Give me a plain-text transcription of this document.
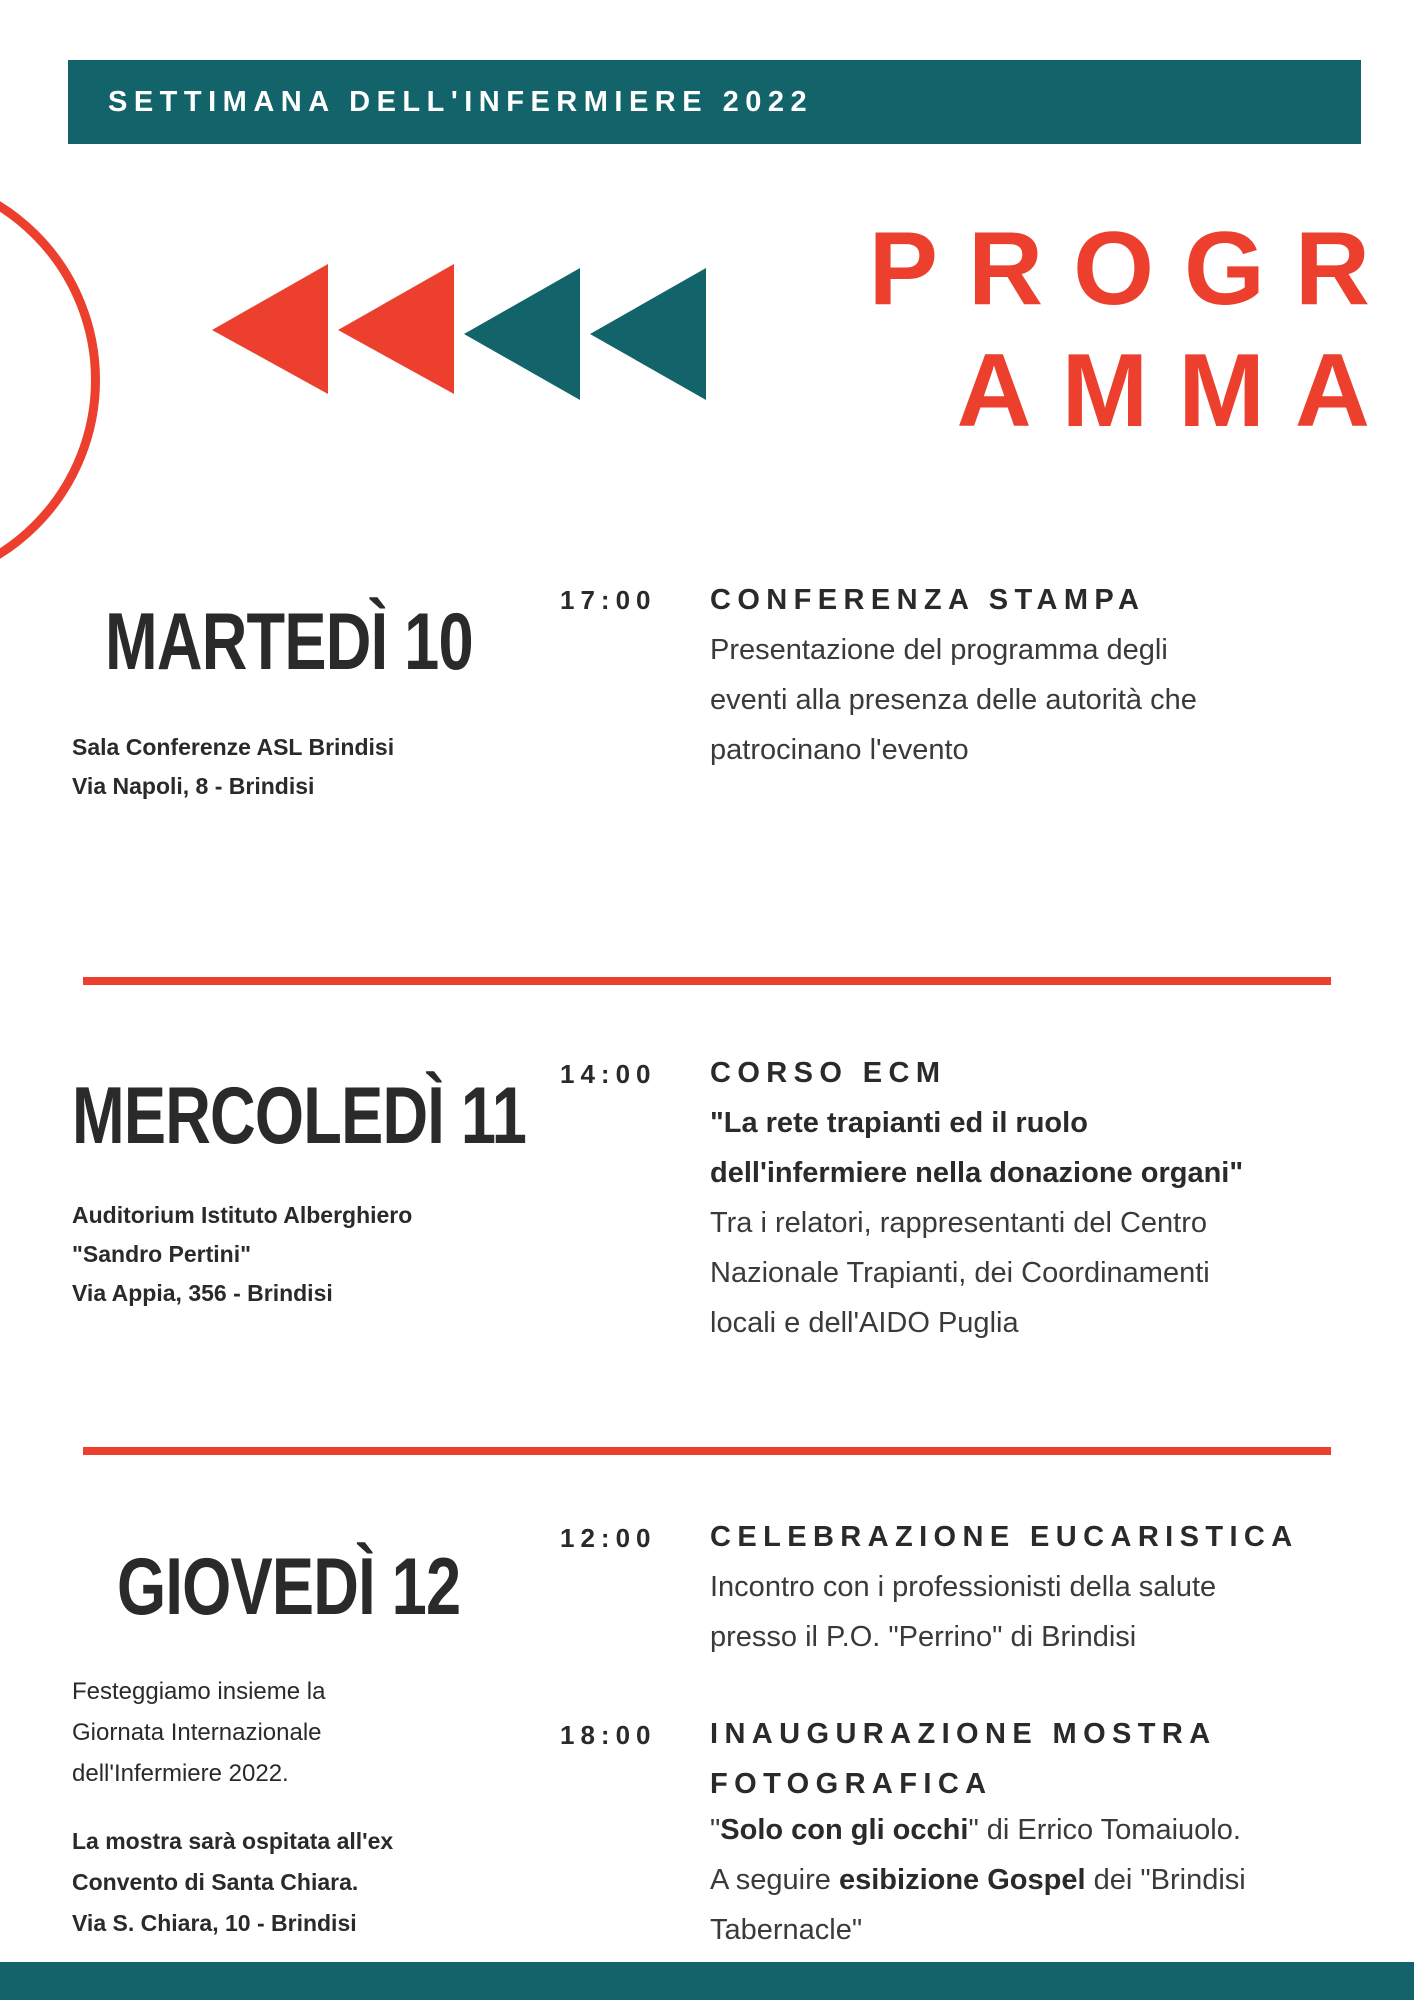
SETTIMANA DELL'INFERMIERE 2022
PROGR
AMMA
MARTEDÌ 10
Sala Conferenze ASL Brindisi
Via Napoli, 8 - Brindisi
17:00 CONFERENZA STAMPA
Presentazione del programma degli
eventi alla presenza delle autorità che
patrocinano l'evento
MERCOLEDÌ 11
Auditorium Istituto Alberghiero
"Sandro Pertini"
Via Appia, 356 - Brindisi
14:00 CORSO ECM
"La rete trapianti ed il ruolo
dell'infermiere nella donazione organi"
Tra i relatori, rappresentanti del Centro
Nazionale Trapianti, dei Coordinamenti
locali e dell'AIDO Puglia
GIOVEDÌ 12
Festeggiamo insieme la
Giornata Internazionale
dell'Infermiere 2022.
La mostra sarà ospitata all'ex
Convento di Santa Chiara.
Via S. Chiara, 10 - Brindisi
12:00 CELEBRAZIONE EUCARISTICA
Incontro con i professionisti della salute
presso il P.O. "Perrino" di Brindisi
18:00 INAUGURAZIONE MOSTRA
FOTOGRAFICA
"Solo con gli occhi" di Errico Tomaiuolo.
A seguire esibizione Gospel dei "Brindisi
Tabernacle"
